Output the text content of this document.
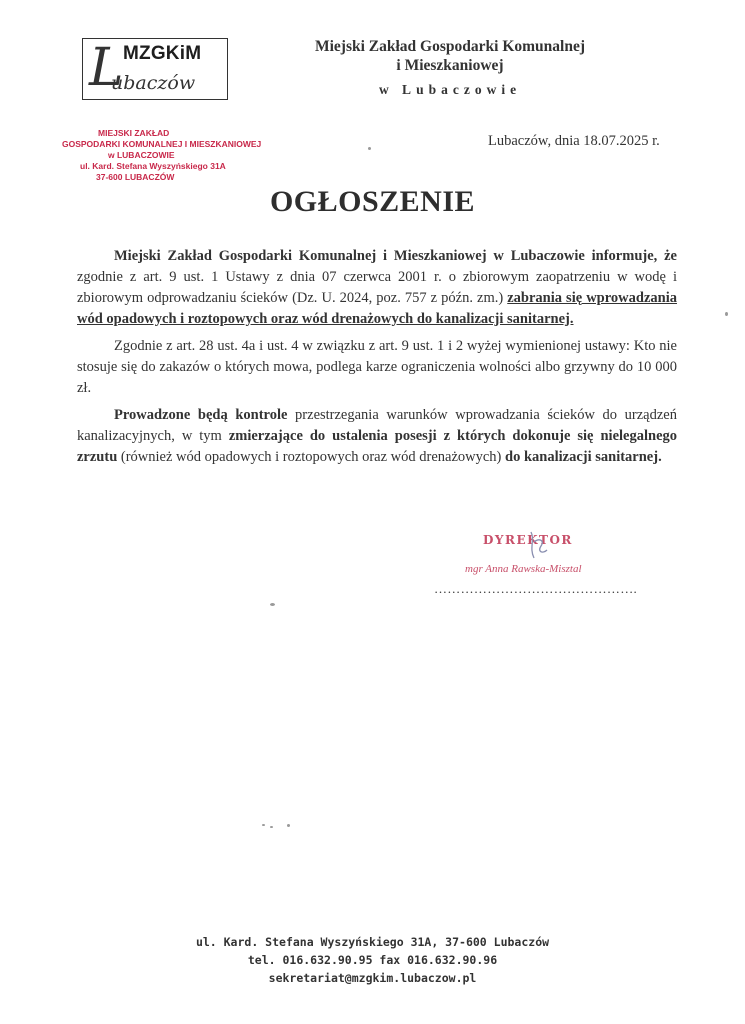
L MZGKiM
ubaczów
Miejski Zakład Gospodarki Komunalnej
i Mieszkaniowej
w Lubaczowie
MIEJSKI ZAKŁAD
GOSPODARKI KOMUNALNEJ I MIESZKANIOWEJ
w LUBACZOWIE
ul. Kard. Stefana Wyszyńskiego 31A
37-600 LUBACZÓW
Lubaczów, dnia 18.07.2025 r.
OGŁOSZENIE

Miejski Zakład Gospodarki Komunalnej i Mieszkaniowej w Lubaczowie informuje, że zgodnie z art. 9 ust. 1 Ustawy z dnia 07 czerwca 2001 r. o zbiorowym zaopatrzeniu w wodę i zbiorowym odprowadzaniu ścieków (Dz. U. 2024, poz. 757 z późn. zm.) zabrania się wprowadzania wód opadowych i roztopowych oraz wód drenażowych do kanalizacji sanitarnej.

Zgodnie z art. 28 ust. 4a i ust. 4 w związku z art. 9 ust. 1 i 2 wyżej wymienionej ustawy: Kto nie stosuje się do zakazów o których mowa, podlega karze ograniczenia wolności albo grzywny do 10 000 zł.

Prowadzone będą kontrole przestrzegania warunków wprowadzania ścieków do urządzeń kanalizacyjnych, w tym zmierzające do ustalenia posesji z których dokonuje się nielegalnego zrzutu (również wód opadowych i roztopowych oraz wód drenażowych) do kanalizacji sanitarnej.

DYREKTOR
mgr Anna Rawska-Misztal
……………………………………….
ul. Kard. Stefana Wyszyńskiego 31A, 37-600 Lubaczów
tel. 016.632.90.95 fax 016.632.90.96
sekretariat@mzgkim.lubaczow.pl
